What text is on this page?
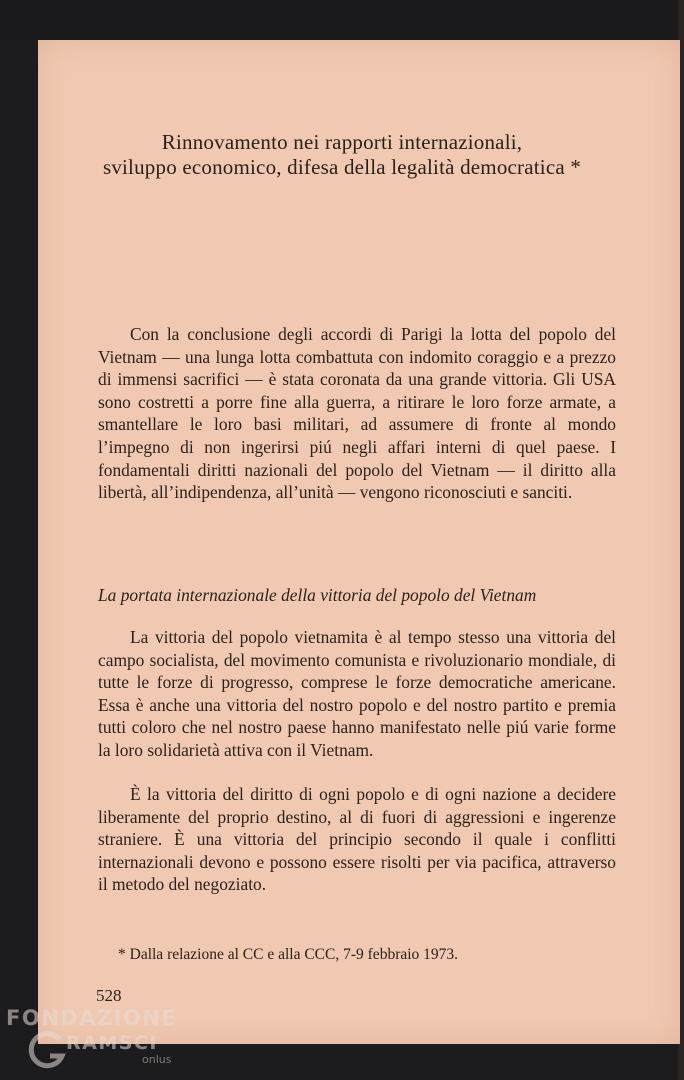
Rinnovamento nei rapporti internazionali,
sviluppo economico, difesa della legalità democratica *

Con la conclusione degli accordi di Parigi la lotta del popolo del Vietnam — una lunga lotta combattuta con indomito coraggio e a prezzo di immensi sacrifici — è stata coronata da una grande vittoria. Gli USA sono costretti a porre fine alla guerra, a ritirare le loro forze armate, a smantellare le loro basi militari, ad assumere di fronte al mondo l’impegno di non ingerirsi piú negli affari interni di quel paese. I fondamentali diritti nazionali del popolo del Vietnam — il diritto alla libertà, all’indipendenza, all’unità — vengono riconosciuti e sanciti.

La portata internazionale della vittoria del popolo del Vietnam

La vittoria del popolo vietnamita è al tempo stesso una vittoria del campo socialista, del movimento comunista e rivoluzionario mondiale, di tutte le forze di progresso, comprese le forze democratiche americane. Essa è anche una vittoria del nostro popolo e del nostro partito e premia tutti coloro che nel nostro paese hanno manifestato nelle piú varie forme la loro solidarietà attiva con il Vietnam.

È la vittoria del diritto di ogni popolo e di ogni nazione a decidere liberamente del proprio destino, al di fuori di aggressioni e ingerenze straniere. È una vittoria del principio secondo il quale i conflitti internazionali devono e possono essere risolti per via pacifica, attraverso il metodo del negoziato.

* Dalla relazione al CC e alla CCC, 7-9 febbraio 1973.
528
FONDAZIONE
RAMSCI
onlus
